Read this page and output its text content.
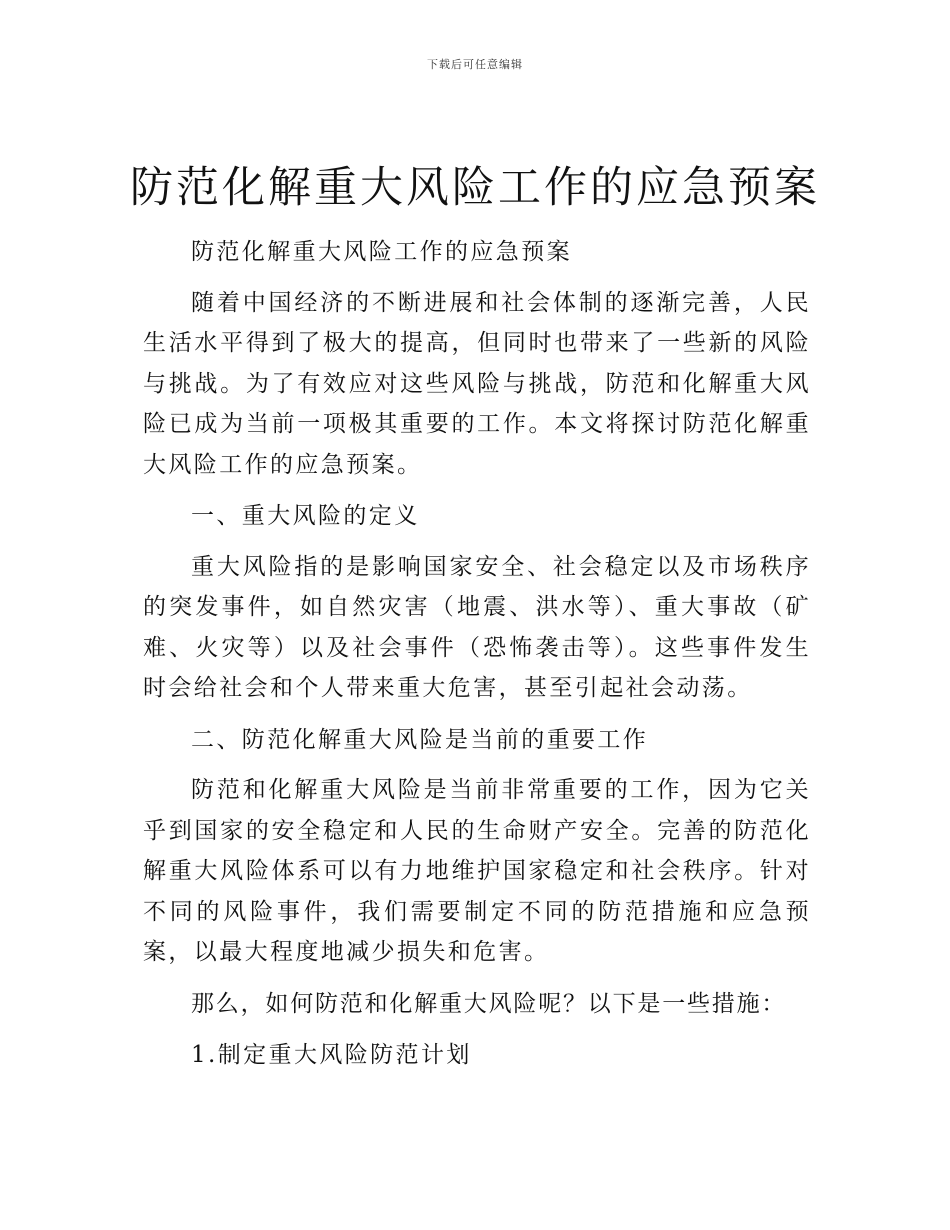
下载后可任意编辑
防范化解重大风险工作的应急预案

防范化解重大风险工作的应急预案

随着中国经济的不断进展和社会体制的逐渐完善，人民生活水平得到了极大的提高，但同时也带来了一些新的风险与挑战。为了有效应对这些风险与挑战，防范和化解重大风险已成为当前一项极其重要的工作。本文将探讨防范化解重大风险工作的应急预案。

一、重大风险的定义

重大风险指的是影响国家安全、社会稳定以及市场秩序的突发事件，如自然灾害（地震、洪水等）、重大事故（矿难、火灾等）以及社会事件（恐怖袭击等）。这些事件发生时会给社会和个人带来重大危害，甚至引起社会动荡。

二、防范化解重大风险是当前的重要工作

防范和化解重大风险是当前非常重要的工作，因为它关乎到国家的安全稳定和人民的生命财产安全。完善的防范化解重大风险体系可以有力地维护国家稳定和社会秩序。针对不同的风险事件，我们需要制定不同的防范措施和应急预案，以最大程度地减少损失和危害。

那么，如何防范和化解重大风险呢？以下是一些措施：

1.制定重大风险防范计划
